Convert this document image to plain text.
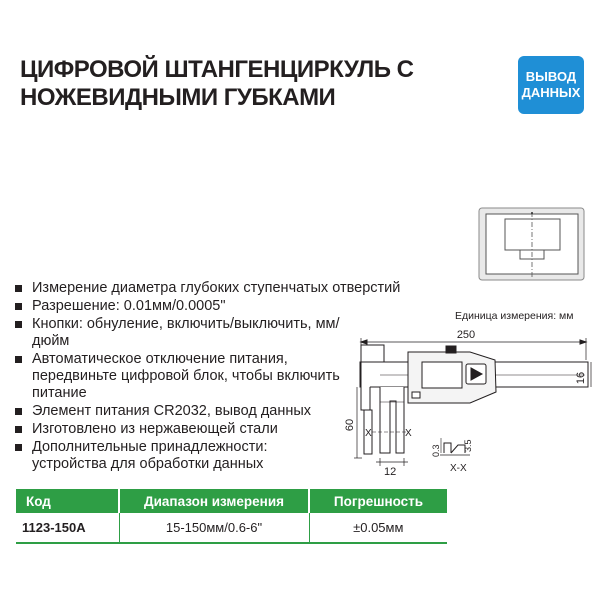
ЦИФРОВОЙ ШТАНГЕНЦИРКУЛЬ С
НОЖЕВИДНЫМИ ГУБКАМИ
ВЫВОД
ДАННЫХ
250
16
60
12
X	X
X-X
0.3 3.5
Единица измерения: мм
Измерение диаметра глубоких ступенчатых отверстий
Разрешение: 0.01мм/0.0005"
Кнопки: обнуление, включить/выключить, мм/дюйм
Автоматическое отключение питания, передвиньте цифровой блок, чтобы включить питание
Элемент питания CR2032, вывод данных
Изготовлено из нержавеющей стали
Дополнительные принадлежности: устройства для обработки данных
Код	Диапазон измерения	Погрешность
1123-150A	15-150мм/0.6-6"	±0.05мм
